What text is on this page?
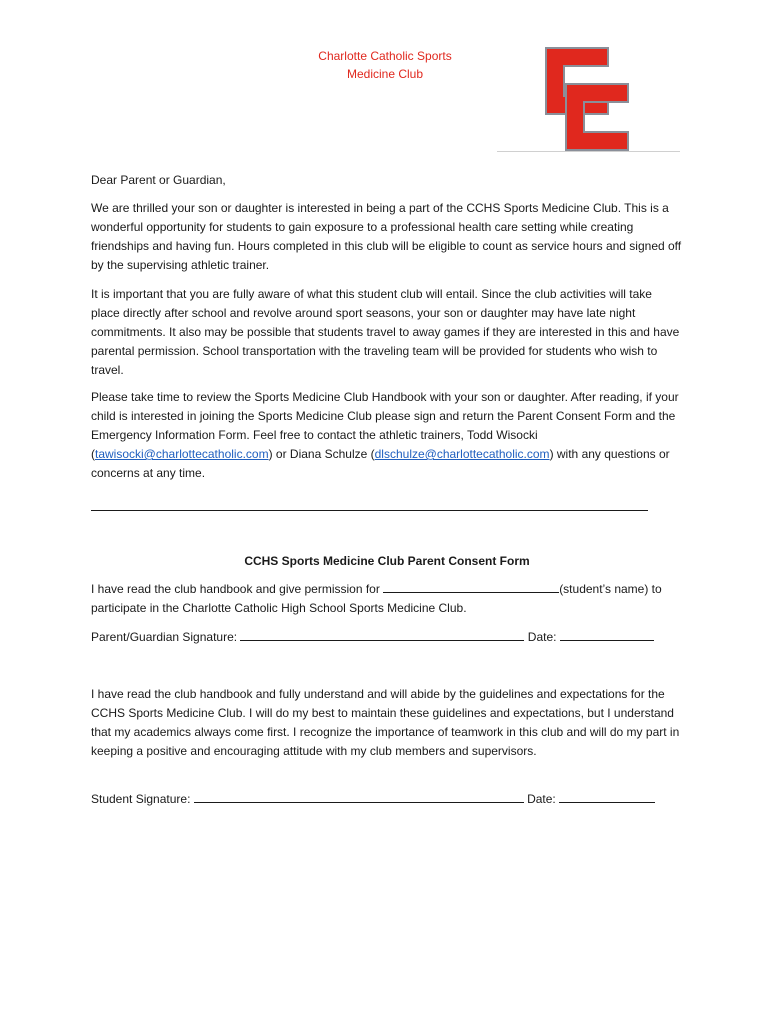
Charlotte Catholic Sports
Medicine Club
Dear Parent or Guardian,

We are thrilled your son or daughter is interested in being a part of the CCHS Sports Medicine Club. This is a wonderful opportunity for students to gain exposure to a professional health care setting while creating friendships and having fun. Hours completed in this club will be eligible to count as service hours and signed off by the supervising athletic trainer.

It is important that you are fully aware of what this student club will entail. Since the club activities will take place directly after school and revolve around sport seasons, your son or daughter may have late night commitments. It also may be possible that students travel to away games if they are interested in this and have parental permission. School transportation with the traveling team will be provided for students who wish to travel.

Please take time to review the Sports Medicine Club Handbook with your son or daughter. After reading, if your child is interested in joining the Sports Medicine Club please sign and return the Parent Consent Form and the Emergency Information Form. Feel free to contact the athletic trainers, Todd Wisocki (tawisocki@charlottecatholic.com) or Diana Schulze (dlschulze@charlottecatholic.com) with any questions or concerns at any time.

CCHS Sports Medicine Club Parent Consent Form

I have read the club handbook and give permission for	(student’s name) to participate in the Charlotte Catholic High School Sports Medicine Club.

Parent/Guardian Signature:	Date:

I have read the club handbook and fully understand and will abide by the guidelines and expectations for the CCHS Sports Medicine Club. I will do my best to maintain these guidelines and expectations, but I understand that my academics always come first. I recognize the importance of teamwork in this club and will do my part in keeping a positive and encouraging attitude with my club members and supervisors.

Student Signature:	Date:
